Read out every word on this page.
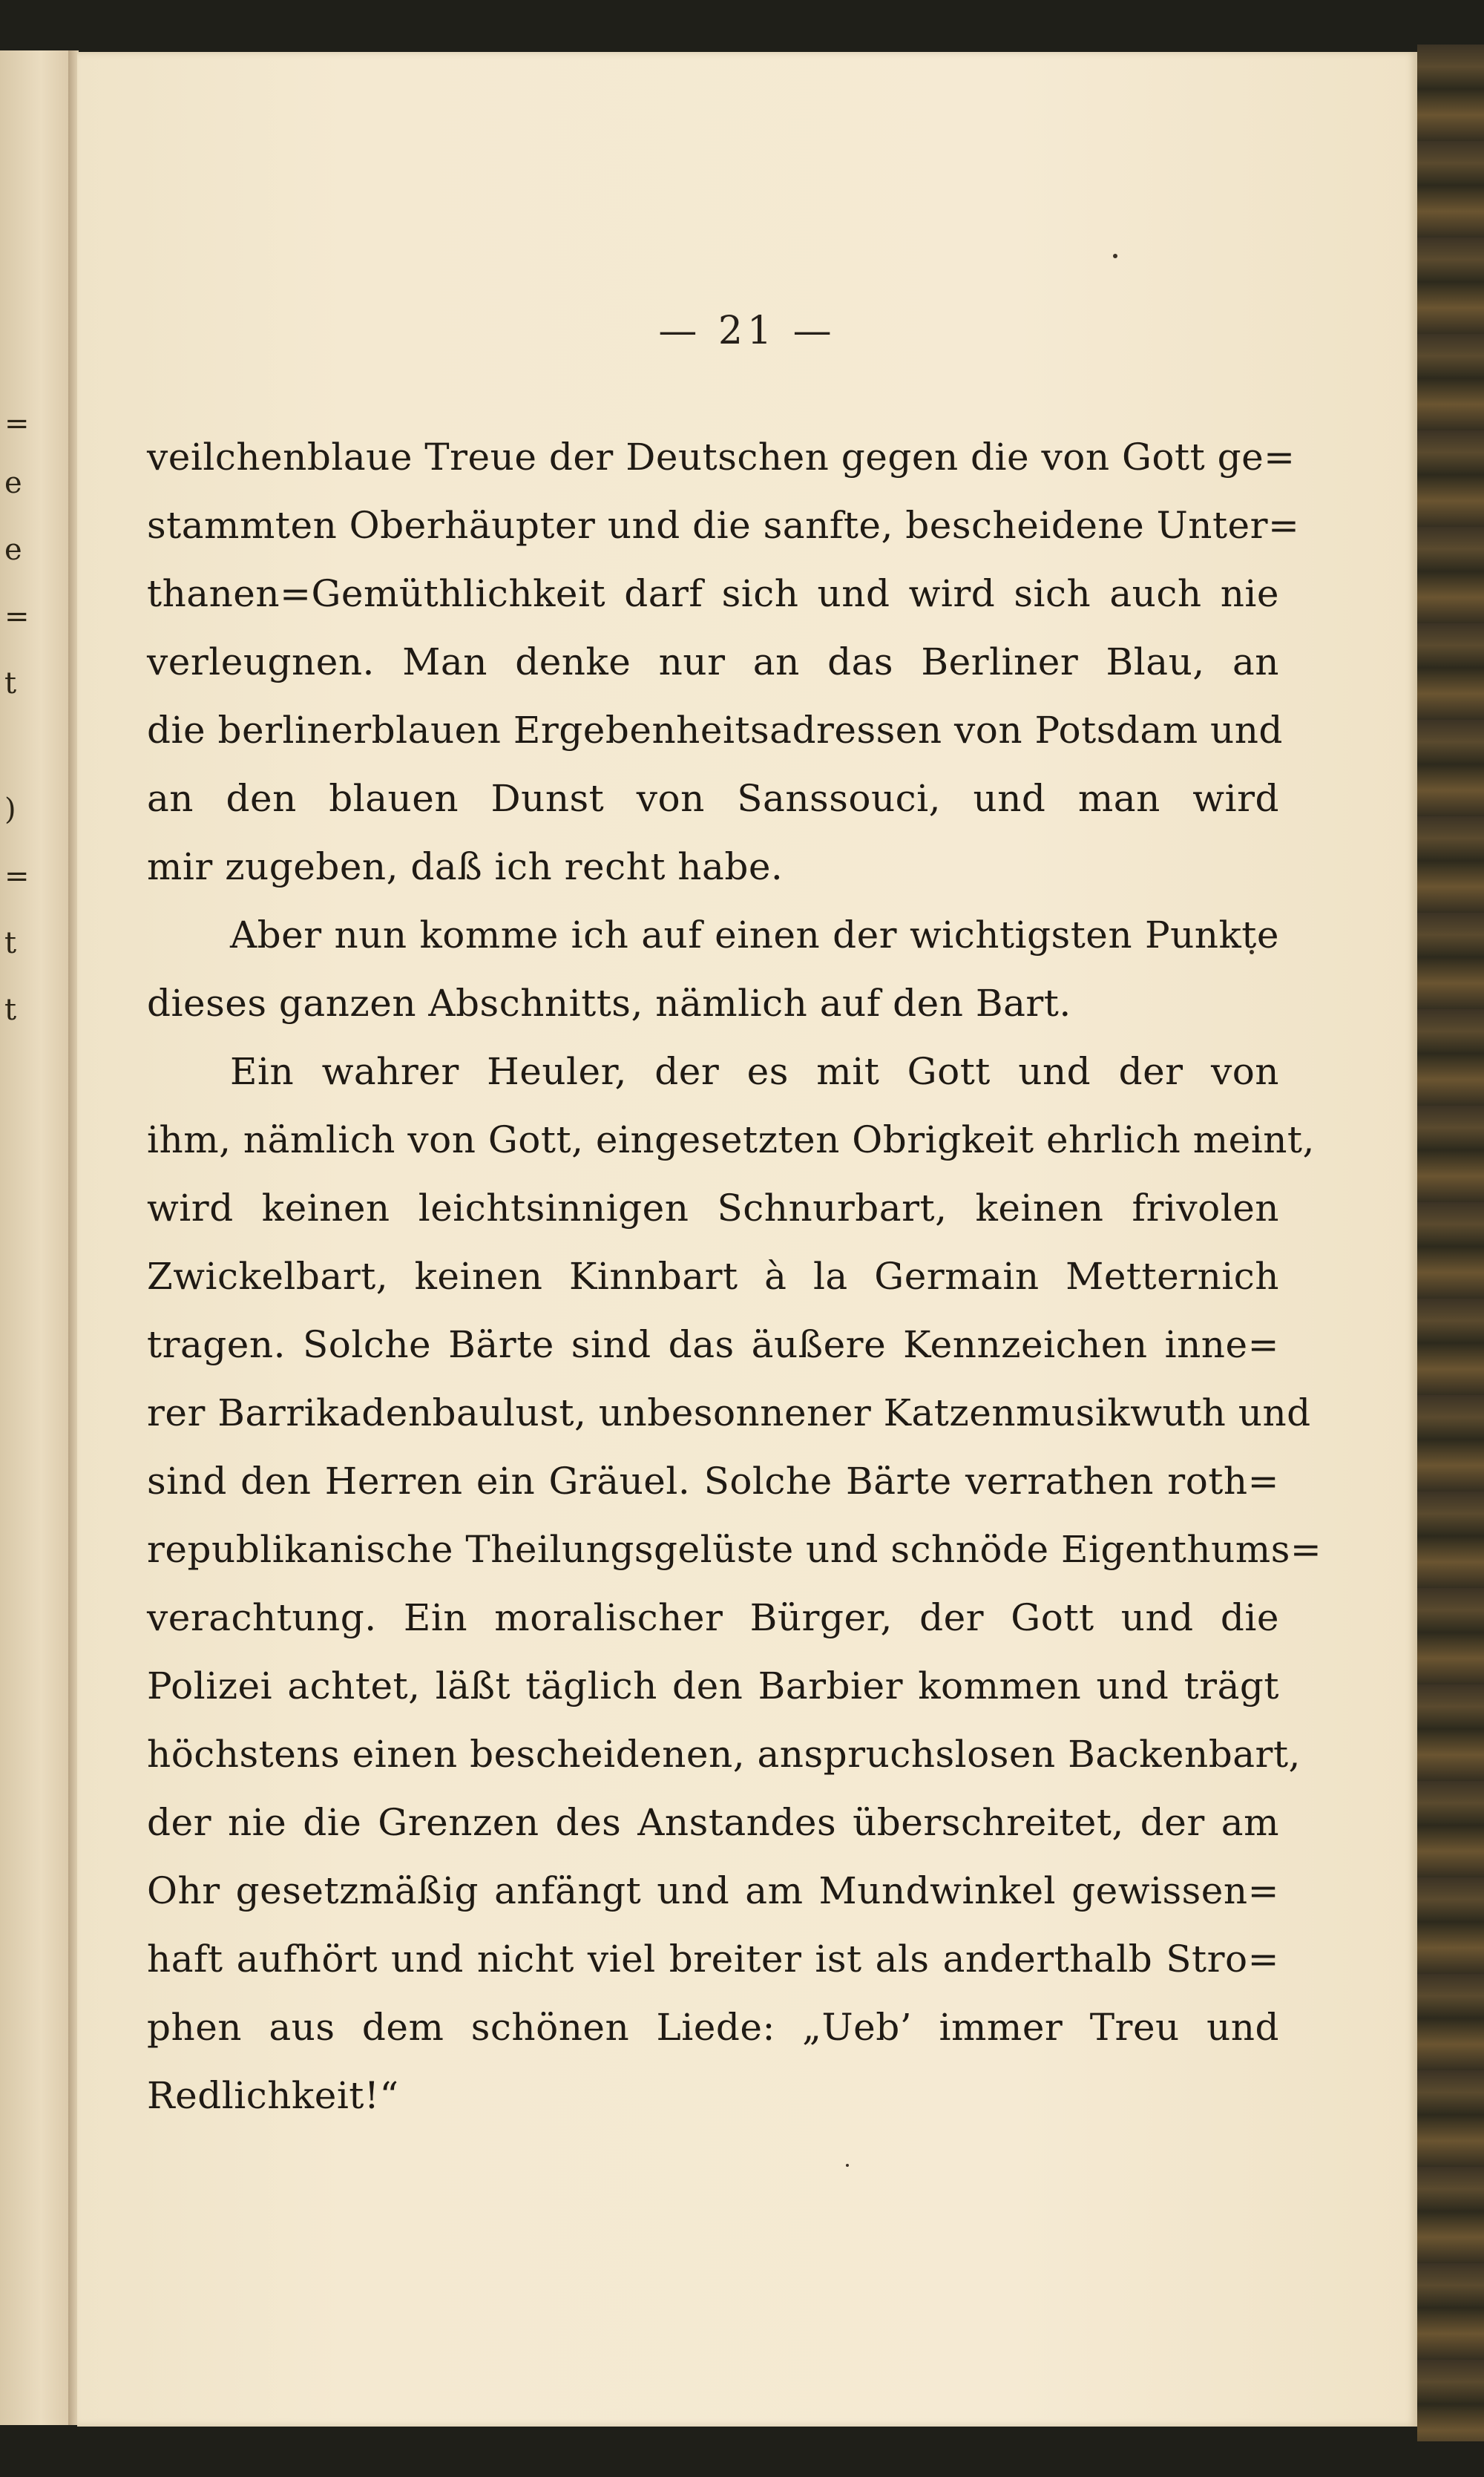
=
e
e
=
t
)
=
t
t
— 21 —
veilchenblaue Treue der Deutschen gegen die von Gott ge=
stammten Oberhäupter und die sanfte, bescheidene Unter=
thanen=Gemüthlichkeit darf sich und wird sich auch nie
verleugnen. Man denke nur an das Berliner Blau, an
die berlinerblauen Ergebenheitsadressen von Potsdam und
an den blauen Dunst von Sanssouci, und man wird
mir zugeben, daß ich recht habe.
Aber nun komme ich auf einen der wichtigsten Punkte
dieses ganzen Abschnitts, nämlich auf den Bart.
Ein wahrer Heuler, der es mit Gott und der von
ihm, nämlich von Gott, eingesetzten Obrigkeit ehrlich meint,
wird keinen leichtsinnigen Schnurbart, keinen frivolen
Zwickelbart, keinen Kinnbart à la Germain Metternich
tragen. Solche Bärte sind das äußere Kennzeichen inne=
rer Barrikadenbaulust, unbesonnener Katzenmusikwuth und
sind den Herren ein Gräuel. Solche Bärte verrathen roth=
republikanische Theilungsgelüste und schnöde Eigenthums=
verachtung. Ein moralischer Bürger, der Gott und die
Polizei achtet, läßt täglich den Barbier kommen und trägt
höchstens einen bescheidenen, anspruchslosen Backenbart,
der nie die Grenzen des Anstandes überschreitet, der am
Ohr gesetzmäßig anfängt und am Mundwinkel gewissen=
haft aufhört und nicht viel breiter ist als anderthalb Stro=
phen aus dem schönen Liede: „Ueb’ immer Treu und
Redlichkeit!“
